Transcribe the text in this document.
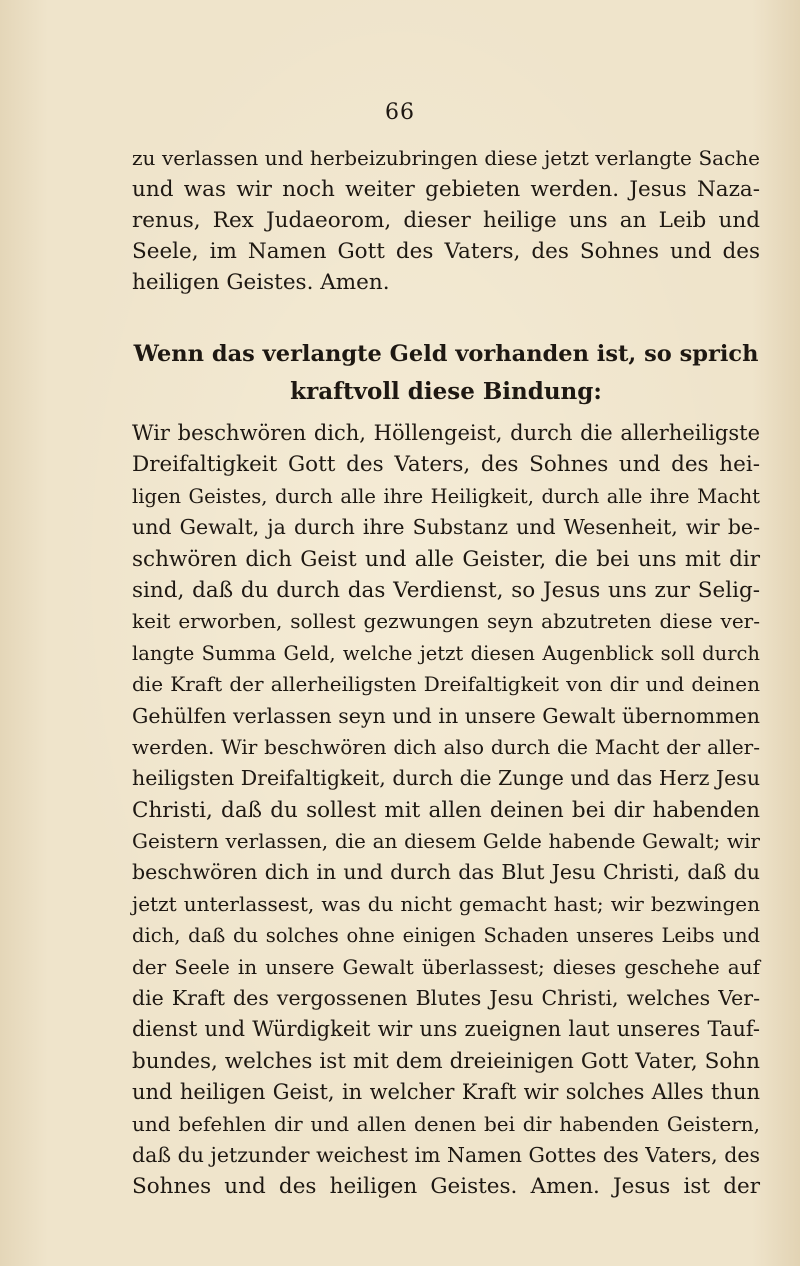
66
zu verlassen und herbeizubringen diese jetzt verlangte Sache
und was wir noch weiter gebieten werden. Jesus Naza-
renus, Rex Judaeorom, dieser heilige uns an Leib und
Seele, im Namen Gott des Vaters, des Sohnes und des
heiligen Geistes. Amen.
Wenn das verlangte Geld vorhanden ist, so sprich
kraftvoll diese Bindung:
Wir beschwören dich, Höllengeist, durch die allerheiligste
Dreifaltigkeit Gott des Vaters, des Sohnes und des hei-
ligen Geistes, durch alle ihre Heiligkeit, durch alle ihre Macht
und Gewalt, ja durch ihre Substanz und Wesenheit, wir be-
schwören dich Geist und alle Geister, die bei uns mit dir
sind, daß du durch das Verdienst, so Jesus uns zur Selig-
keit erworben, sollest gezwungen seyn abzutreten diese ver-
langte Summa Geld, welche jetzt diesen Augenblick soll durch
die Kraft der allerheiligsten Dreifaltigkeit von dir und deinen
Gehülfen verlassen seyn und in unsere Gewalt übernommen
werden. Wir beschwören dich also durch die Macht der aller-
heiligsten Dreifaltigkeit, durch die Zunge und das Herz Jesu
Christi, daß du sollest mit allen deinen bei dir habenden
Geistern verlassen, die an diesem Gelde habende Gewalt; wir
beschwören dich in und durch das Blut Jesu Christi, daß du
jetzt unterlassest, was du nicht gemacht hast; wir bezwingen
dich, daß du solches ohne einigen Schaden unseres Leibs und
der Seele in unsere Gewalt überlassest; dieses geschehe auf
die Kraft des vergossenen Blutes Jesu Christi, welches Ver-
dienst und Würdigkeit wir uns zueignen laut unseres Tauf-
bundes, welches ist mit dem dreieinigen Gott Vater, Sohn
und heiligen Geist, in welcher Kraft wir solches Alles thun
und befehlen dir und allen denen bei dir habenden Geistern,
daß du jetzunder weichest im Namen Gottes des Vaters, des
Sohnes und des heiligen Geistes. Amen. Jesus ist der
